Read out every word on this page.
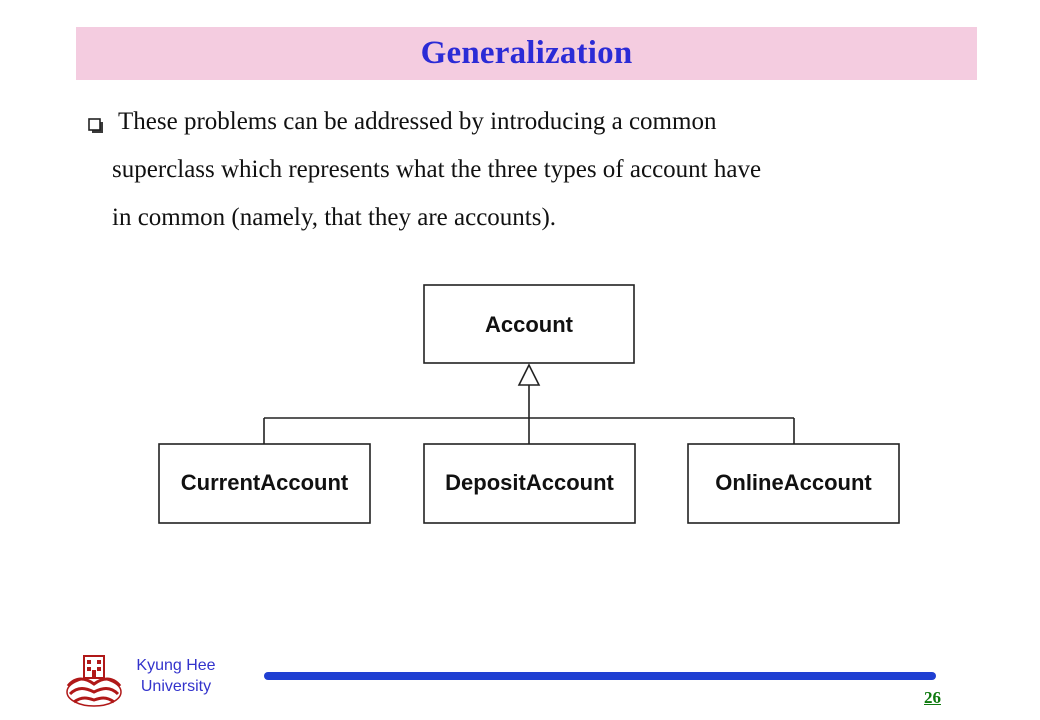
Generalization
These problems can be addressed by introducing a common
superclass which represents what the three types of account have
in common (namely, that they are accounts).
Account
CurrentAccount	DepositAccount	OnlineAccount
Kyung Hee
University
26
